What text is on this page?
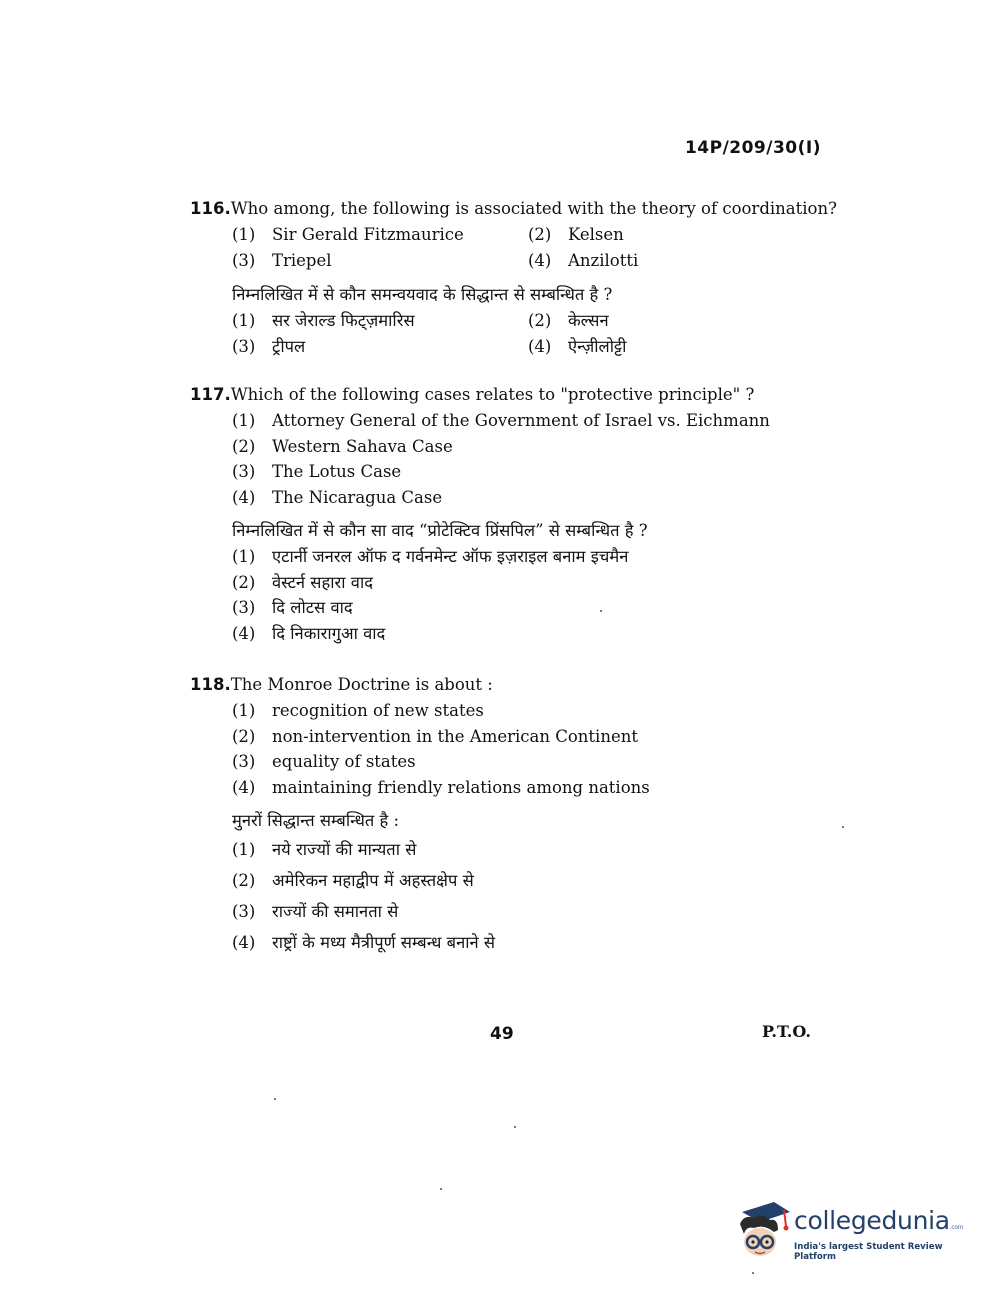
14P/209/30(I)
116.Who among, the following is associated with the theory of coordination?
(1)	Sir Gerald Fitzmaurice	(2)	Kelsen
(3)	Triepel	(4)	Anzilotti
निम्नलिखित में से कौन समन्वयवाद के सिद्धान्त से सम्बन्धित है ?
(1)	सर जेराल्ड फिट्ज़मारिस	(2)	केल्सन
(3)	ट्रीपल	(4)	ऐन्ज़ीलोट्टी
117.Which of the following cases relates to "protective principle" ?
(1)	Attorney General of the Government of Israel vs. Eichmann
(2)	Western Sahava Case
(3)	The Lotus Case
(4)	The Nicaragua Case
निम्नलिखित में से कौन सा वाद “प्रोटेक्टिव प्रिंसपिल” से सम्बन्धित है ?
(1)	एटार्नी जनरल ऑफ द गर्वनमेन्ट ऑफ इज़राइल बनाम इचमैन
(2)	वेस्टर्न सहारा वाद
(3)	दि लोटस वाद
(4)	दि निकारागुआ वाद
118.The Monroe Doctrine is about :
(1)	recognition of new states
(2)	non-intervention in the American Continent
(3)	equality of states
(4)	maintaining friendly relations among nations
मुनरों सिद्धान्त सम्बन्धित है :
(1)	नये राज्यों की मान्यता से
(2)	अमेरिकन महाद्वीप में अहस्तक्षेप से
(3)	राज्यों की समानता से
(4)	राष्ट्रों के मध्य मैत्रीपूर्ण सम्बन्ध बनाने से
49	P.T.O.
collegedunia.com
India's largest Student Review Platform
